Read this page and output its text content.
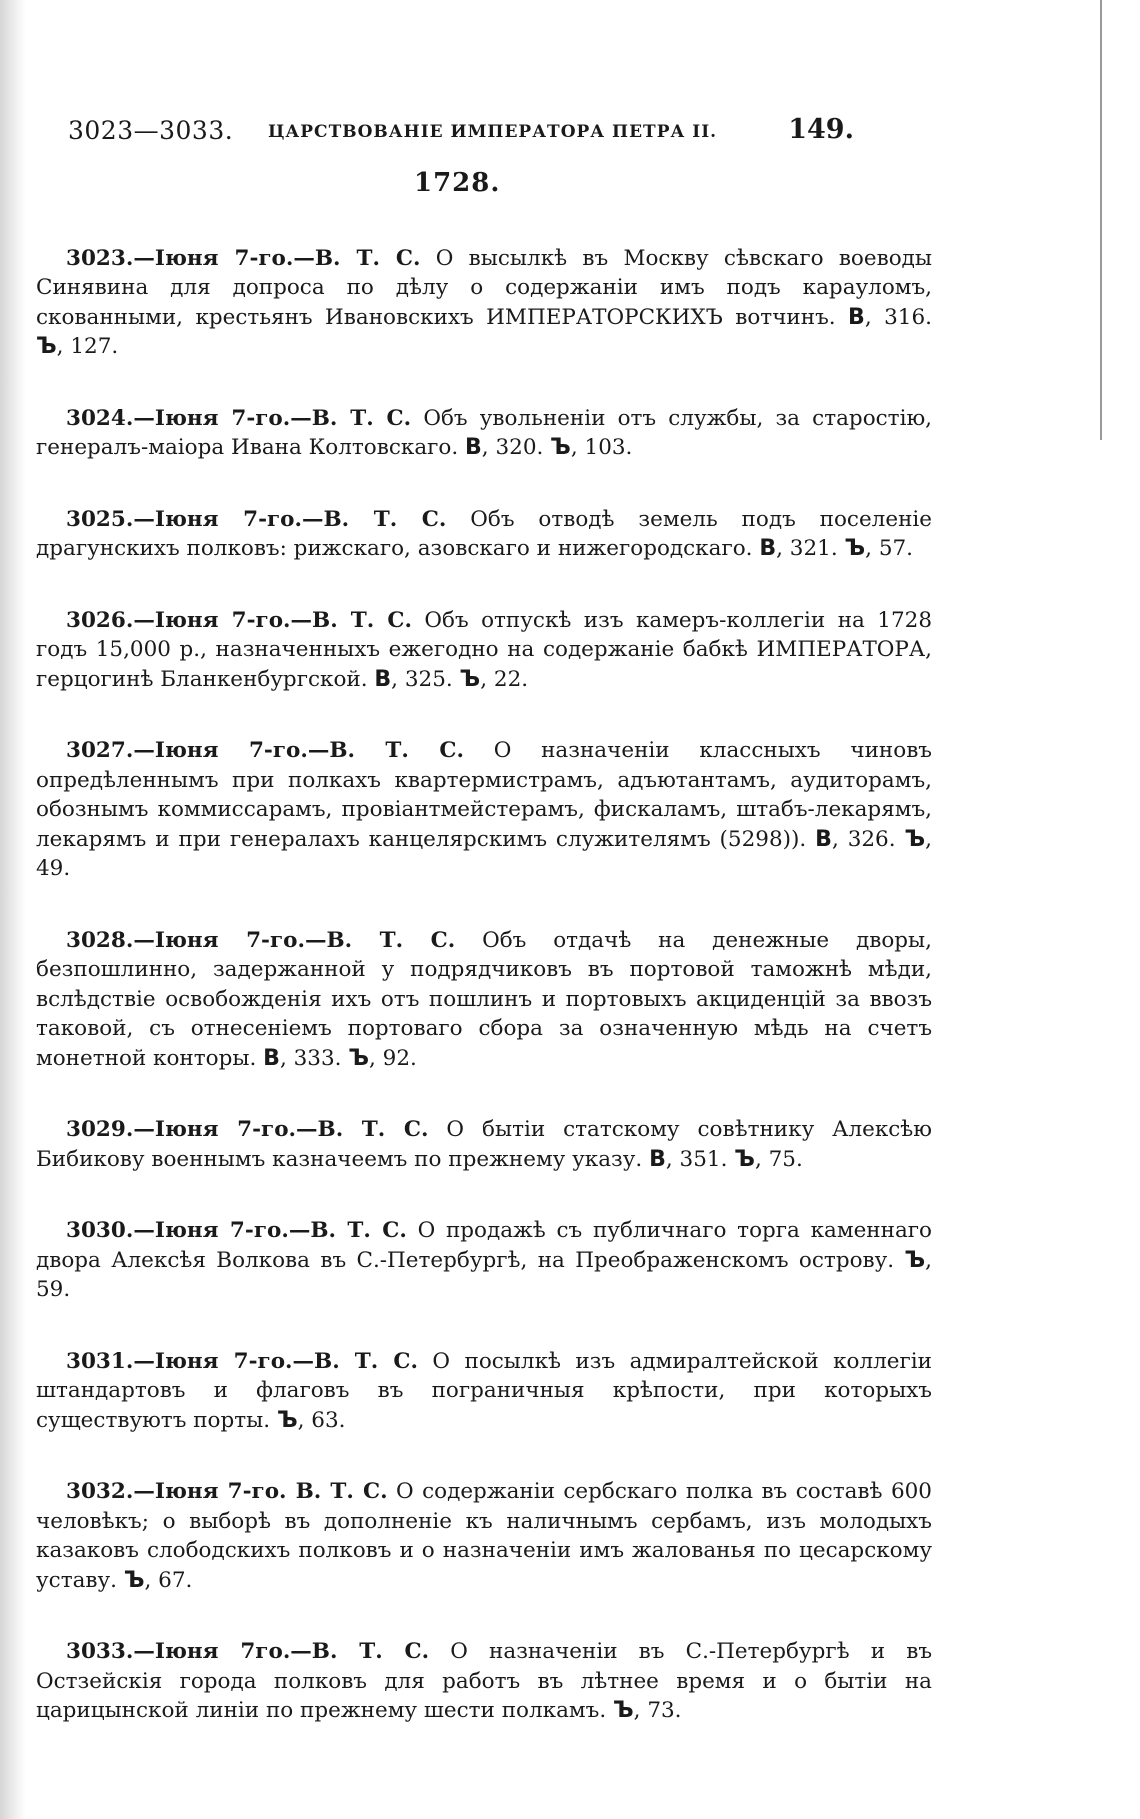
3023—3033. ЦАРСТВОВАНІЕ ИМПЕРАТОРА ПЕТРА II.	149.
1728.

3023.—Іюня 7-го.—В. Т. С. О высылкѣ въ Москву сѣвскаго воеводы Синявина для допроса по дѣлу о содержаніи имъ подъ карауломъ, скованными, крестьянъ Ивановскихъ ИМПЕРАТОРСКИХЪ вотчинъ. В, 316. Ъ, 127.

3024.—Іюня 7-го.—В. Т. С. Объ увольненіи отъ службы, за старостію, генералъ-маіора Ивана Колтовскаго. В, 320. Ъ, 103.

3025.—Іюня 7-го.—В. Т. С. Объ отводѣ земель подъ поселеніе драгунскихъ полковъ: рижскаго, азовскаго и нижегородскаго. В, 321. Ъ, 57.

3026.—Іюня 7-го.—В. Т. С. Объ отпускѣ изъ камеръ-коллегіи на 1728 годъ 15,000 р., назначенныхъ ежегодно на содержаніе бабкѣ ИМПЕРАТОРА, герцогинѣ Бланкенбургской. В, 325. Ъ, 22.

3027.—Іюня 7-го.—В. Т. С. О назначеніи классныхъ чиновъ опредѣленнымъ при полкахъ квартермистрамъ, адъютантамъ, аудиторамъ, обознымъ коммиссарамъ, провіантмейстерамъ, фискаламъ, штабъ-лекарямъ, лекарямъ и при генералахъ канцелярскимъ служителямъ (5298)). В, 326. Ъ, 49.

3028.—Іюня 7-го.—В. Т. С. Объ отдачѣ на денежные дворы, безпошлинно, задержанной у подрядчиковъ въ портовой таможнѣ мѣди, вслѣдствіе освобожденія ихъ отъ пошлинъ и портовыхъ акциденцій за ввозъ таковой, съ отнесеніемъ портоваго сбора за означенную мѣдь на счетъ монетной конторы. В, 333. Ъ, 92.

3029.—Іюня 7-го.—В. Т. С. О бытіи статскому совѣтнику Алексѣю Бибикову военнымъ казначеемъ по прежнему указу. В, 351. Ъ, 75.

3030.—Іюня 7-го.—В. Т. С. О продажѣ съ публичнаго торга каменнаго двора Алексѣя Волкова въ С.-Петербургѣ, на Преображенскомъ острову. Ъ, 59.

3031.—Іюня 7-го.—В. Т. С. О посылкѣ изъ адмиралтейской коллегіи штандартовъ и флаговъ въ пограничныя крѣпости, при которыхъ существуютъ порты. Ъ, 63.

3032.—Іюня 7-го. В. Т. С. О содержаніи сербскаго полка въ составѣ 600 человѣкъ; о выборѣ въ дополненіе къ наличнымъ сербамъ, изъ молодыхъ казаковъ слободскихъ полковъ и о назначеніи имъ жалованья по цесарскому уставу. Ъ, 67.

3033.—Іюня 7го.—В. Т. С. О назначеніи въ С.-Петербургѣ и въ Остзейскія города полковъ для работъ въ лѣтнее время и о бытіи на царицынской линіи по прежнему шести полкамъ. Ъ, 73.
